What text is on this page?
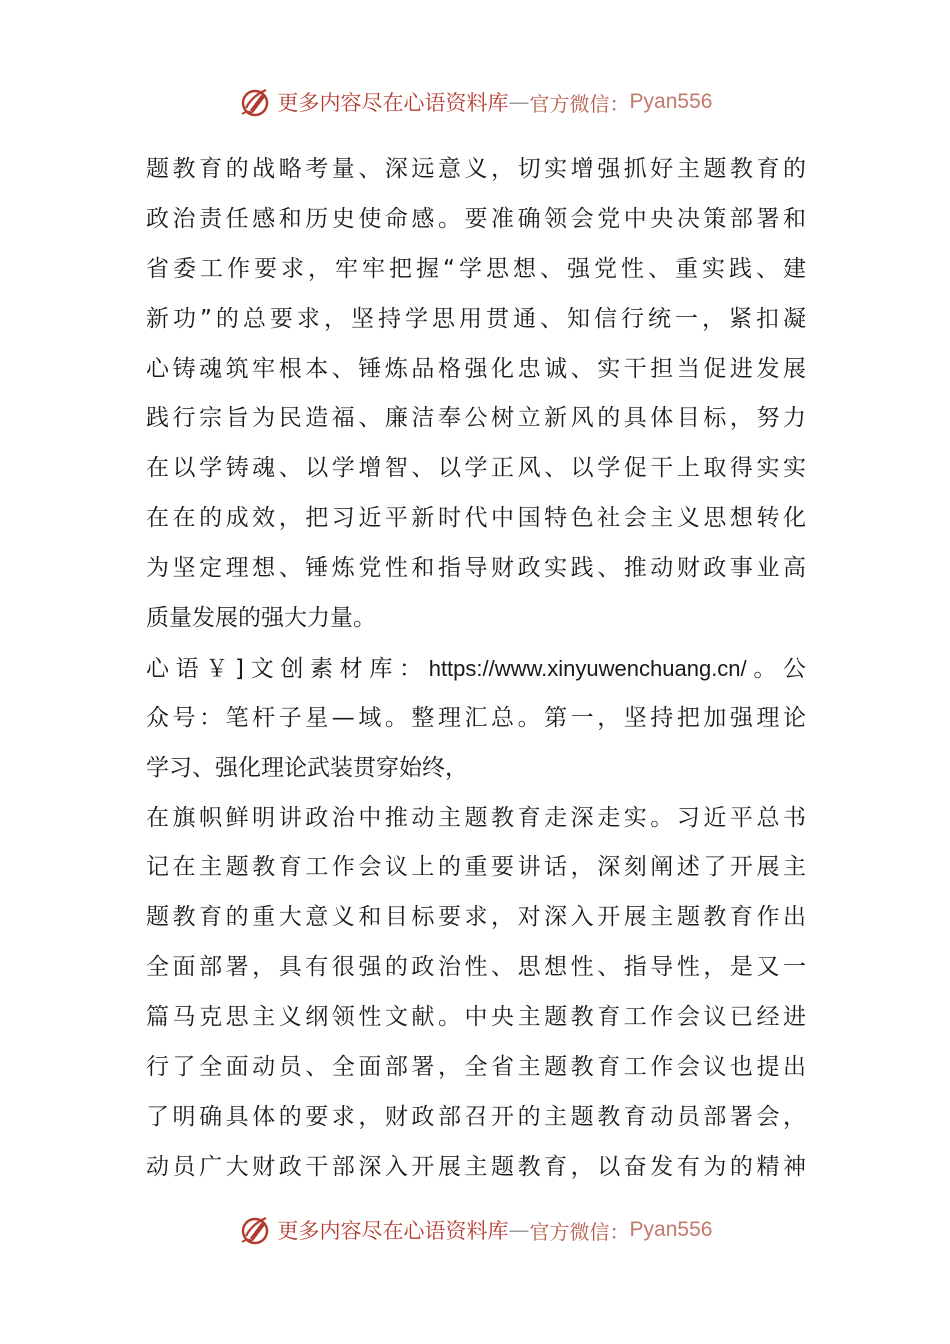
更多内容尽在心语资料库 — 官方微信： Pyan556
题教育的战略考量、深远意义，切实增强抓好主题教育的
政治责任感和历史使命感。要准确领会党中央决策部署和
省委工作要求，牢牢把握“学思想、强党性、重实践、建
新功”的总要求，坚持学思用贯通、知信行统一，紧扣凝
心铸魂筑牢根本、锤炼品格强化忠诚、实干担当促进发展
践行宗旨为民造福、廉洁奉公树立新风的具体目标，努力
在以学铸魂、以学增智、以学正风、以学促干上取得实实
在在的成效，把习近平新时代中国特色社会主义思想转化
为坚定理想、锤炼党性和指导财政实践、推动财政事业高
质量发展的强大力量。
心语￥]文创素材库：https://www.xinyuwenchuang.cn/。公
众号：笔杆子星—域。整理汇总。第一，坚持把加强理论
学习、强化理论武装贯穿始终，
在旗帜鲜明讲政治中推动主题教育走深走实。习近平总书
记在主题教育工作会议上的重要讲话，深刻阐述了开展主
题教育的重大意义和目标要求，对深入开展主题教育作出
全面部署，具有很强的政治性、思想性、指导性，是又一
篇马克思主义纲领性文献。中央主题教育工作会议已经进
行了全面动员、全面部署，全省主题教育工作会议也提出
了明确具体的要求，财政部召开的主题教育动员部署会，
动员广大财政干部深入开展主题教育，以奋发有为的精神
更多内容尽在心语资料库 — 官方微信： Pyan556
